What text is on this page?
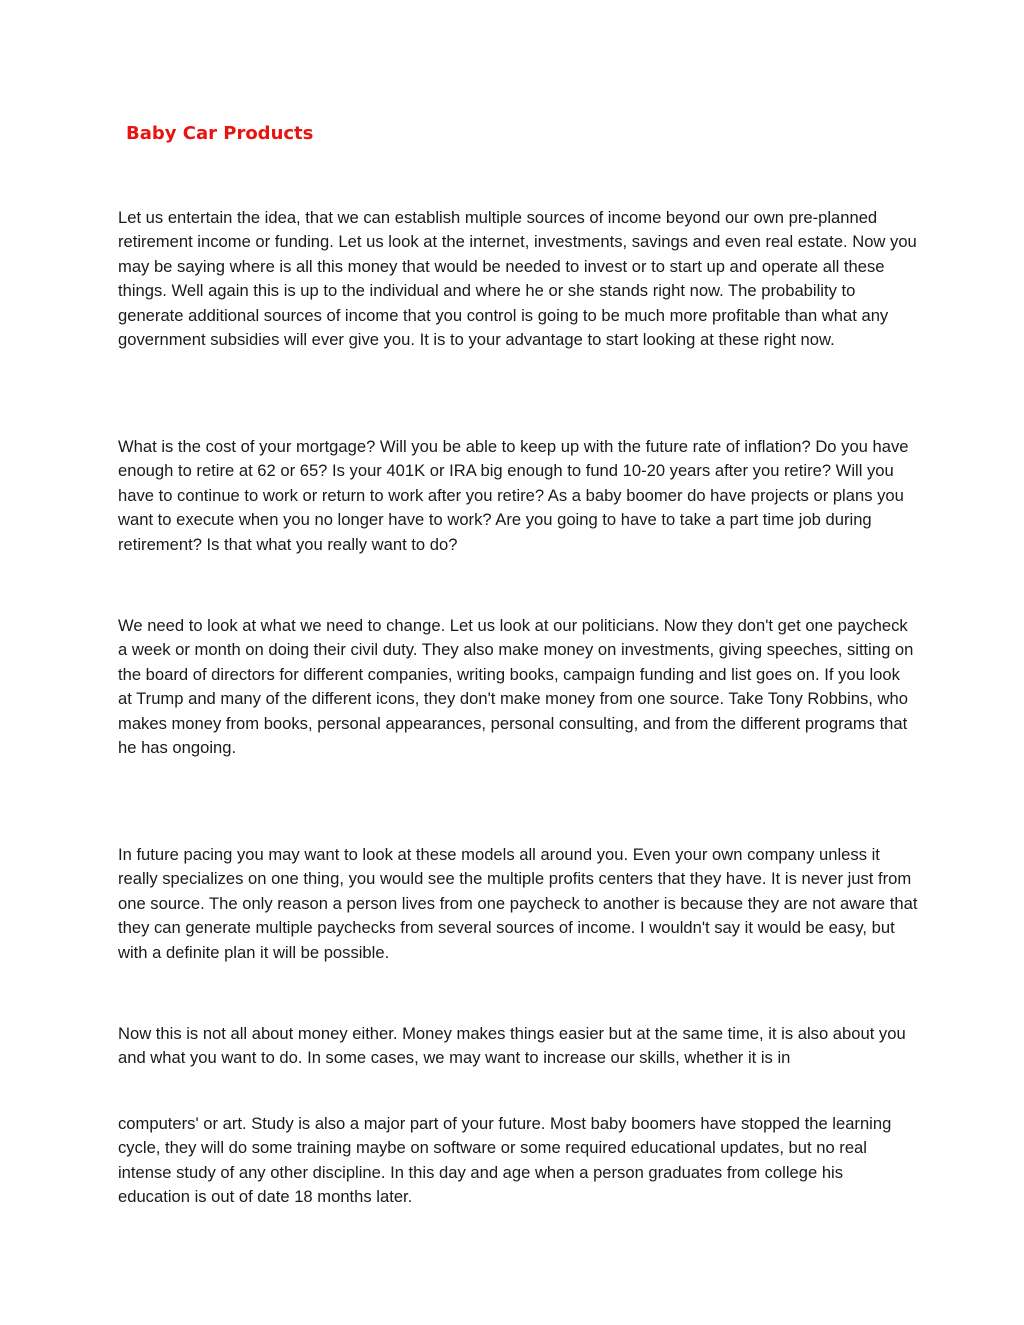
Baby Car Products

Let us entertain the idea, that we can establish multiple sources of income beyond our own pre-planned retirement income or funding. Let us look at the internet, investments, savings and even real estate. Now you may be saying where is all this money that would be needed to invest or to start up and operate all these things. Well again this is up to the individual and where he or she stands right now. The probability to generate additional sources of income that you control is going to be much more profitable than what any government subsidies will ever give you. It is to your advantage to start looking at these right now.

What is the cost of your mortgage? Will you be able to keep up with the future rate of inflation? Do you have enough to retire at 62 or 65? Is your 401K or IRA big enough to fund 10-20 years after you retire? Will you have to continue to work or return to work after you retire? As a baby boomer do have projects or plans you want to execute when you no longer have to work? Are you going to have to take a part time job during retirement? Is that what you really want to do?

We need to look at what we need to change. Let us look at our politicians. Now they don't get one paycheck a week or month on doing their civil duty. They also make money on investments, giving speeches, sitting on the board of directors for different companies, writing books, campaign funding and list goes on. If you look at Trump and many of the different icons, they don't make money from one source. Take Tony Robbins, who makes money from books, personal appearances, personal consulting, and from the different programs that he has ongoing.

In future pacing you may want to look at these models all around you. Even your own company unless it really specializes on one thing, you would see the multiple profits centers that they have. It is never just from one source. The only reason a person lives from one paycheck to another is because they are not aware that they can generate multiple paychecks from several sources of income. I wouldn't say it would be easy, but with a definite plan it will be possible.

Now this is not all about money either. Money makes things easier but at the same time, it is also about you and what you want to do. In some cases, we may want to increase our skills, whether it is in

computers' or art. Study is also a major part of your future. Most baby boomers have stopped the learning cycle, they will do some training maybe on software or some required educational updates, but no real intense study of any other discipline. In this day and age when a person graduates from college his education is out of date 18 months later.
